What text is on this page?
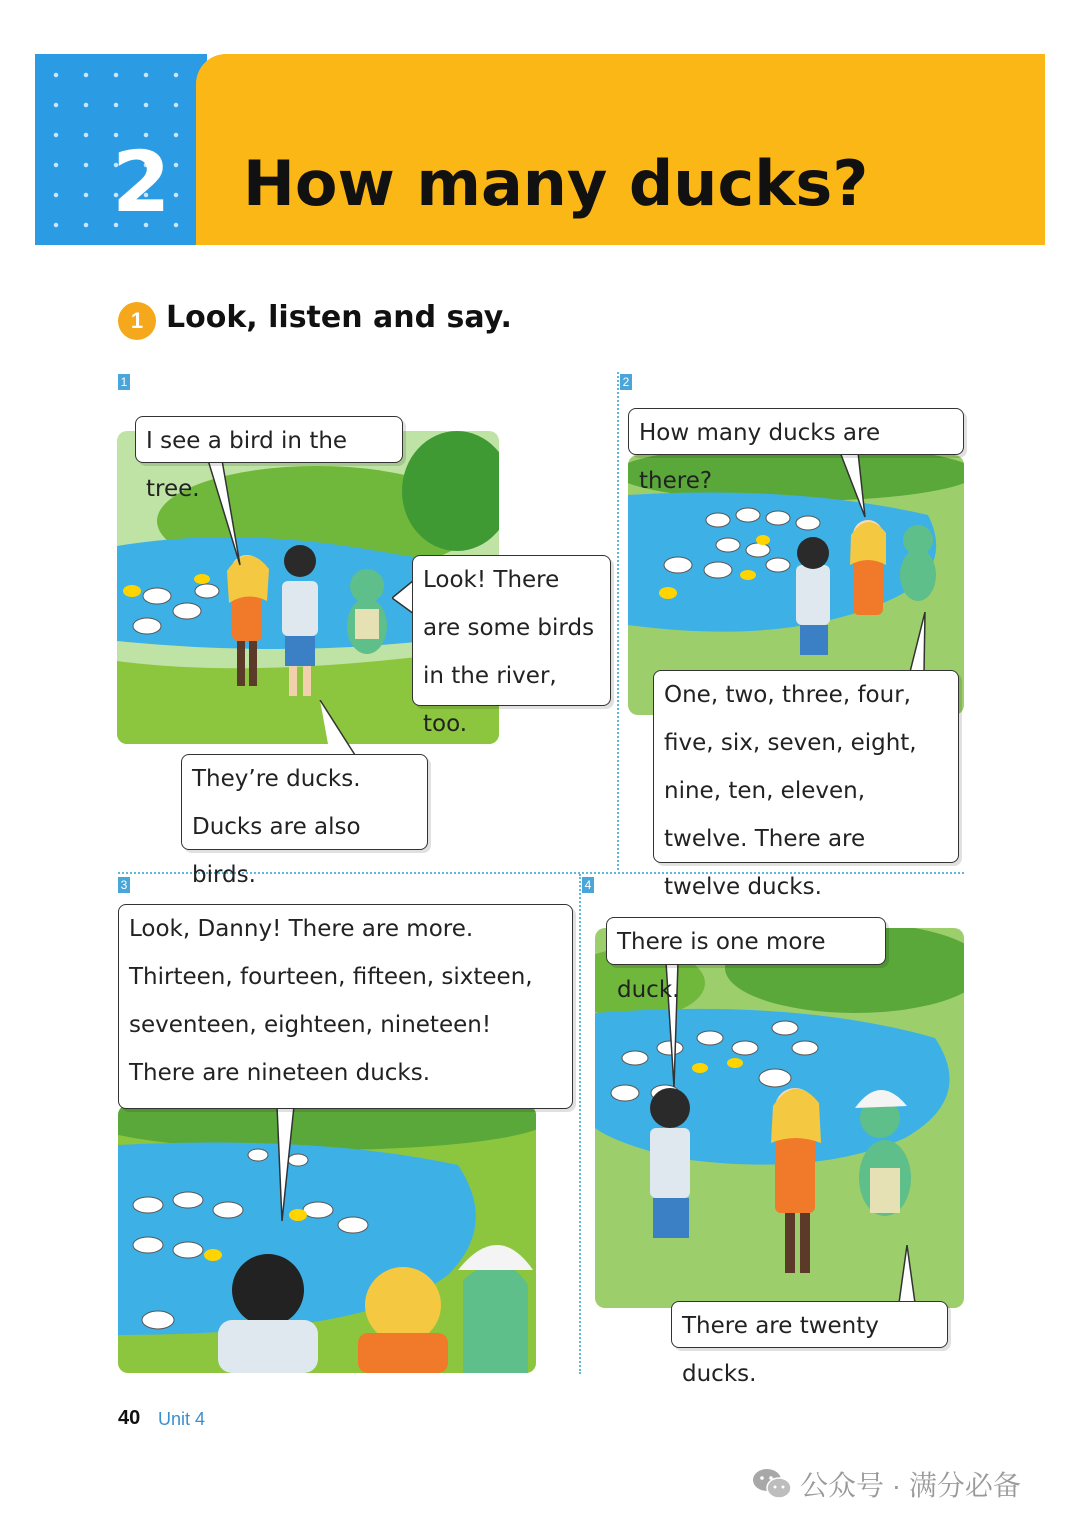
2 How many ducks?
1 Look, listen and say.
1	2
3	4
I see a bird in the tree.
Look! There are some birds in the river, too.
They’re ducks. Ducks are also birds.
How many ducks are there?
One, two, three, four, five, six, seven, eight, nine, ten, eleven, twelve. There are twelve ducks.
Look, Danny! There are more. Thirteen, fourteen, fifteen, sixteen, seventeen, eighteen, nineteen! There are nineteen ducks.
There is one more duck.
There are twenty ducks.
40 Unit 4
公众号 · 满分必备
